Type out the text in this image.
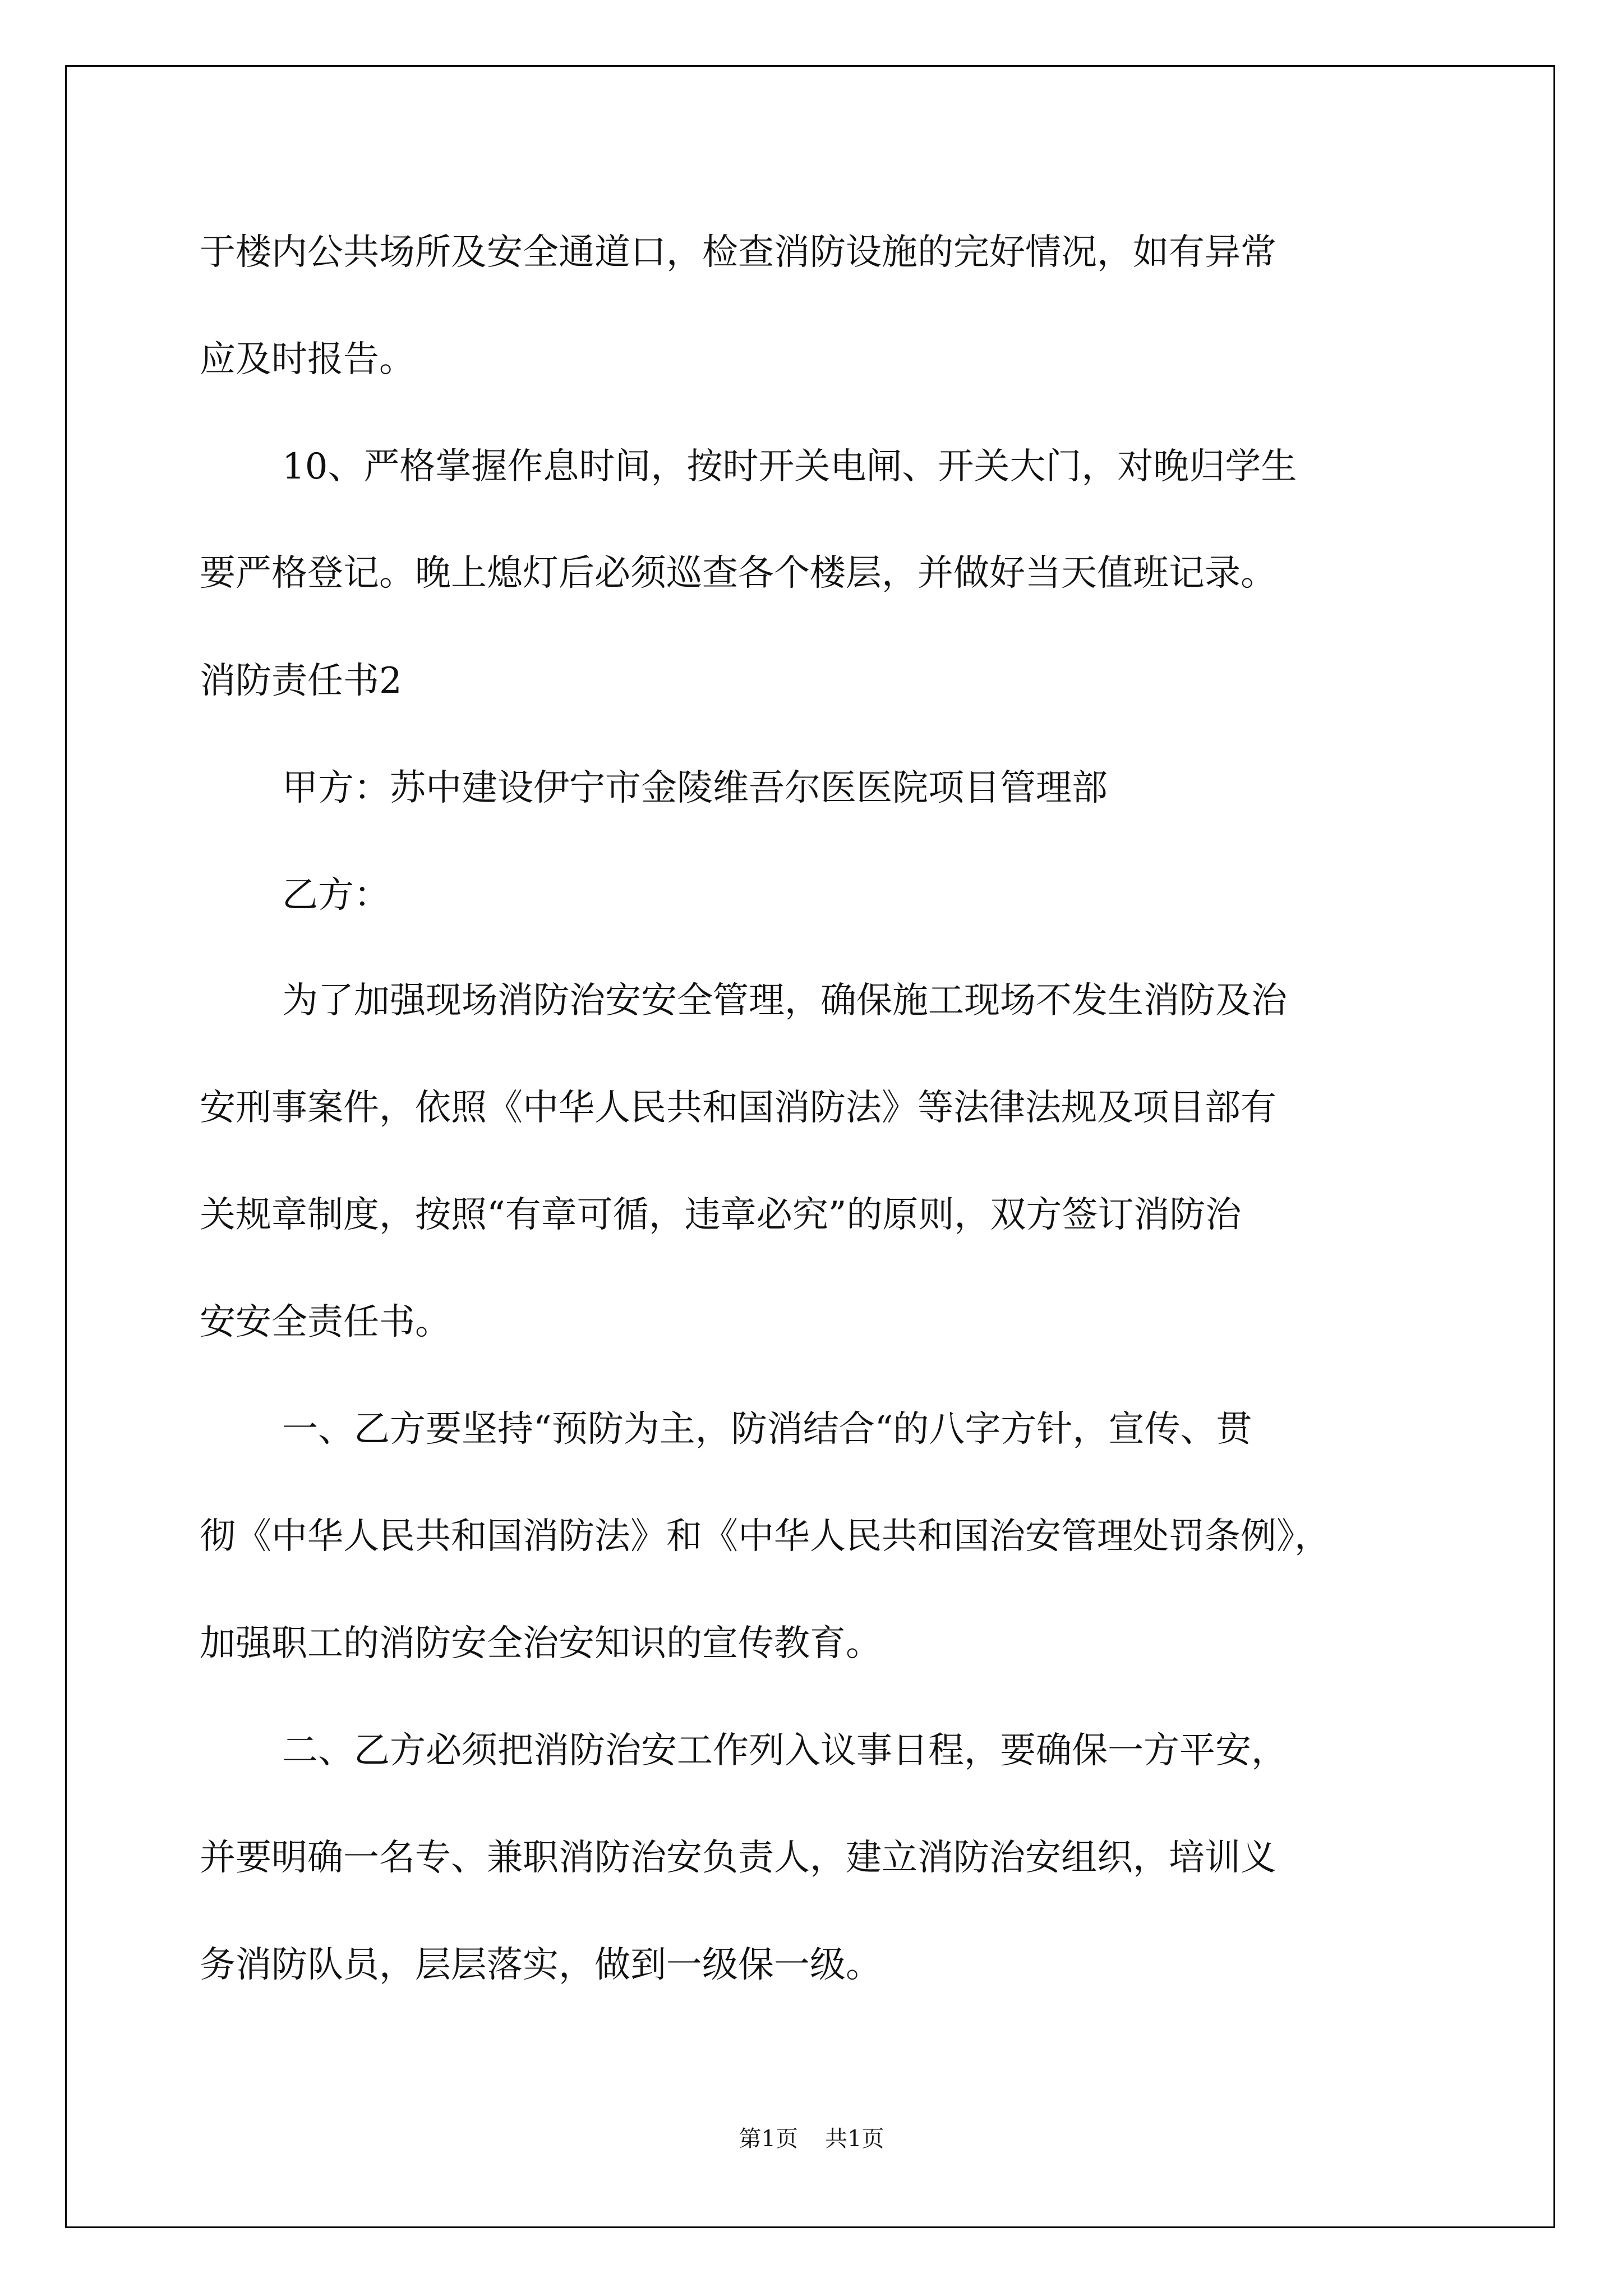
于楼内公共场所及安全通道口，检查消防设施的完好情况，如有异常

应及时报告。

10、严格掌握作息时间，按时开关电闸、开关大门，对晚归学生

要严格登记。晚上熄灯后必须巡查各个楼层，并做好当天值班记录。

消防责任书2

甲方：苏中建设伊宁市金陵维吾尔医医院项目管理部

乙方：

为了加强现场消防治安安全管理，确保施工现场不发生消防及治

安刑事案件，依照《中华人民共和国消防法》等法律法规及项目部有

关规章制度，按照“有章可循，违章必究”的原则，双方签订消防治

安安全责任书。

一、乙方要坚持“预防为主，防消结合“的八字方针，宣传、贯

彻《中华人民共和国消防法》和《中华人民共和国治安管理处罚条例》，

加强职工的消防安全治安知识的宣传教育。

二、乙方必须把消防治安工作列入议事日程，要确保一方平安，

并要明确一名专、兼职消防治安负责人，建立消防治安组织，培训义

务消防队员，层层落实，做到一级保一级。

第1页 共1页
